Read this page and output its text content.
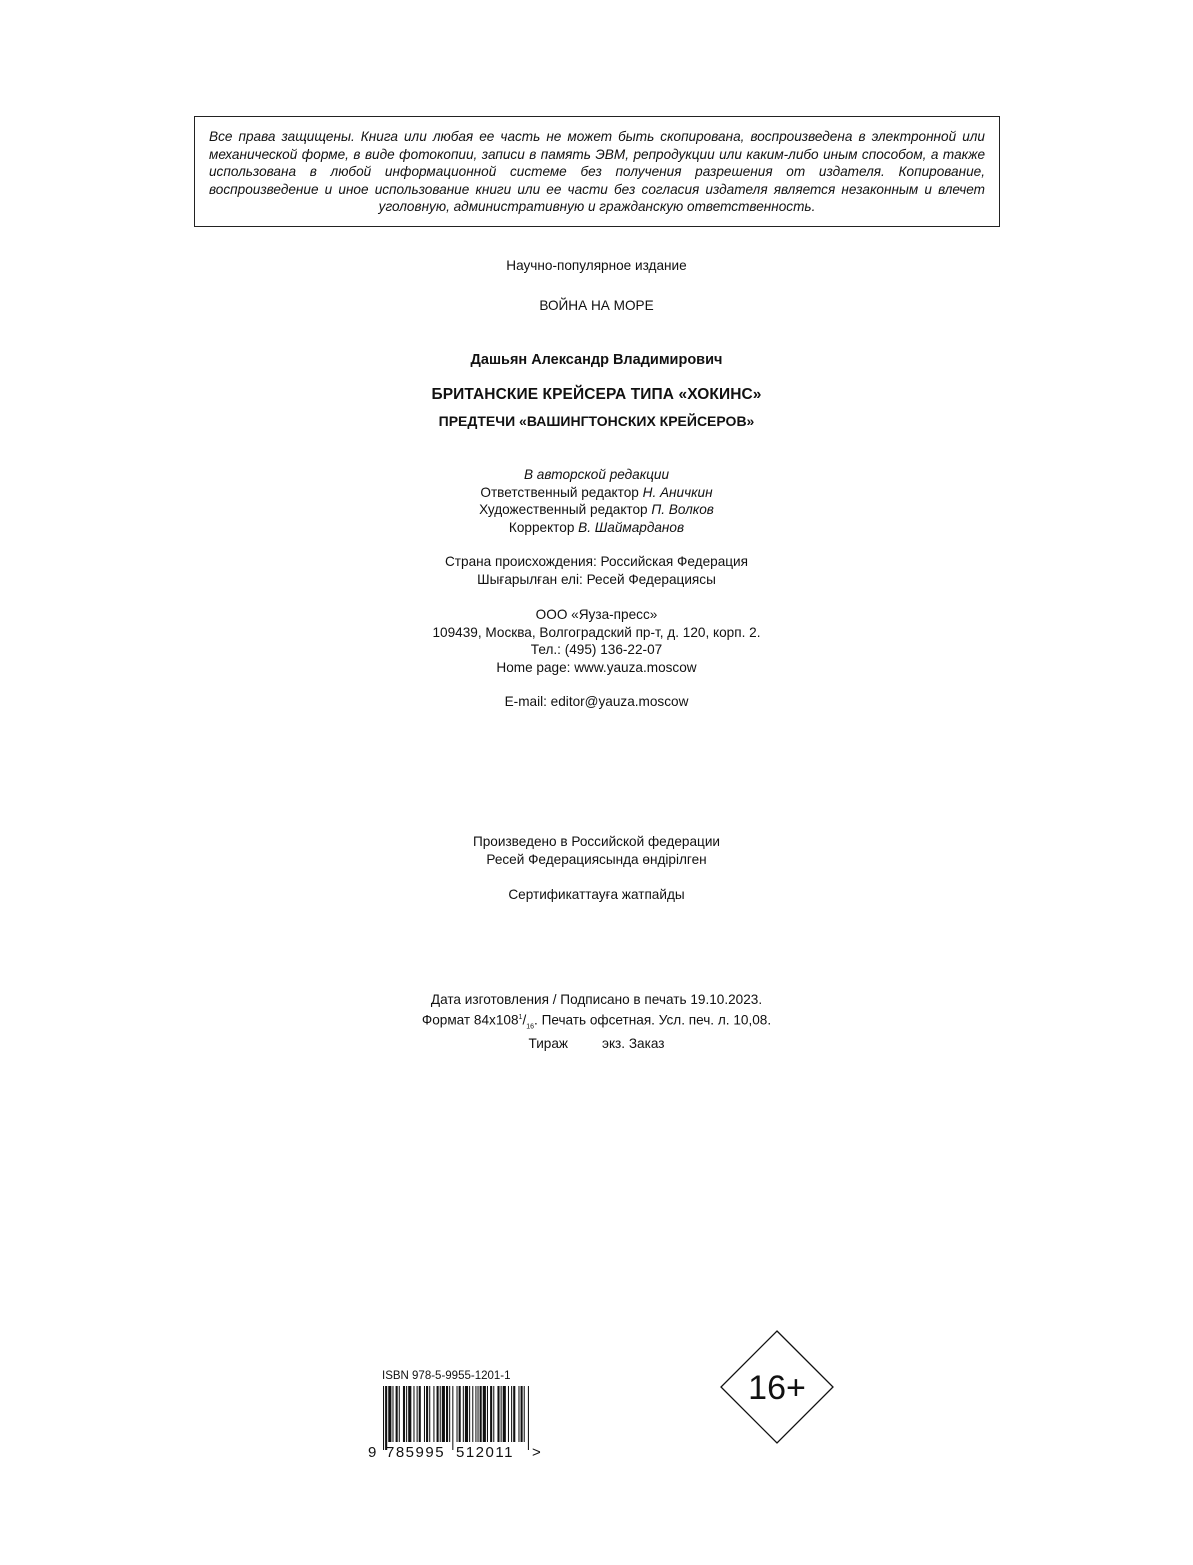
Все права защищены. Книга или любая ее часть не может быть скопирована, воспроизведена в электронной или механической форме, в виде фотокопии, записи в память ЭВМ, репродукции или каким-либо иным способом, а также использована в любой информационной системе без получения разрешения от издателя. Копирование, воспроизведение и иное использование книги или ее части без согласия издателя является незаконным и влечет уголовную, административную и гражданскую ответственность.
Научно-популярное издание
ВОЙНА НА МОРЕ
Дашьян Александр Владимирович
БРИТАНСКИЕ КРЕЙСЕРА ТИПА «ХОКИНС»
ПРЕДТЕЧИ «ВАШИНГТОНСКИХ КРЕЙСЕРОВ»
В авторской редакции
Ответственный редактор Н. Аничкин
Художественный редактор П. Волков
Корректор В. Шаймарданов
Страна происхождения: Российская Федерация
Шығарылған елі: Ресей Федерациясы
ООО «Яуза-пресс»
109439, Москва, Волгоградский пр-т, д. 120, корп. 2.
Тел.: (495) 136-22-07
Home page: www.yauza.moscow
E-mail: editor@yauza.moscow
Произведено в Российской федерации
Ресей Федерациясында өндірілген
Сертификаттауға жатпайды
Дата изготовления / Подписано в печать 19.10.2023.
Формат $84x108^1/_{16}$. Печать офсетная. Усл. печ. л. 10,08.
Тираж	экз. Заказ
ISBN 978-5-9955-1201-1
9 785995 512011 >
16+
